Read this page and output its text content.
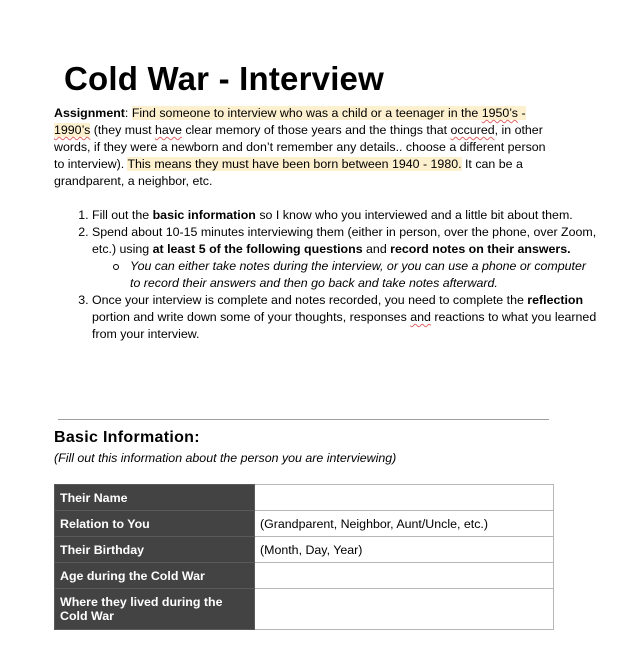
Cold War - Interview

Assignment: Find someone to interview who was a child or a teenager in the 1950’s - 1990’s (they must have clear memory of those years and the things that occured, in other words, if they were a newborn and don’t remember any details.. choose a different person to interview). This means they must have been born between 1940 - 1980. It can be a grandparent, a neighbor, etc.

1. Fill out the basic information so I know who you interviewed and a little bit about them.
2. Spend about 10-15 minutes interviewing them (either in person, over the phone, over Zoom, etc.) using at least 5 of the following questions and record notes on their answers.
You can either take notes during the interview, or you can use a phone or computer to record their answers and then go back and take notes afterward.
3. Once your interview is complete and notes recorded, you need to complete the reflection portion and write down some of your thoughts, responses and reactions to what you learned from your interview.
Basic Information:

(Fill out this information about the person you are interviewing)

Their Name	
Relation to You	(Grandparent, Neighbor, Aunt/Uncle, etc.)
Their Birthday	(Month, Day, Year)
Age during the Cold War	
Where they lived during the Cold War	
